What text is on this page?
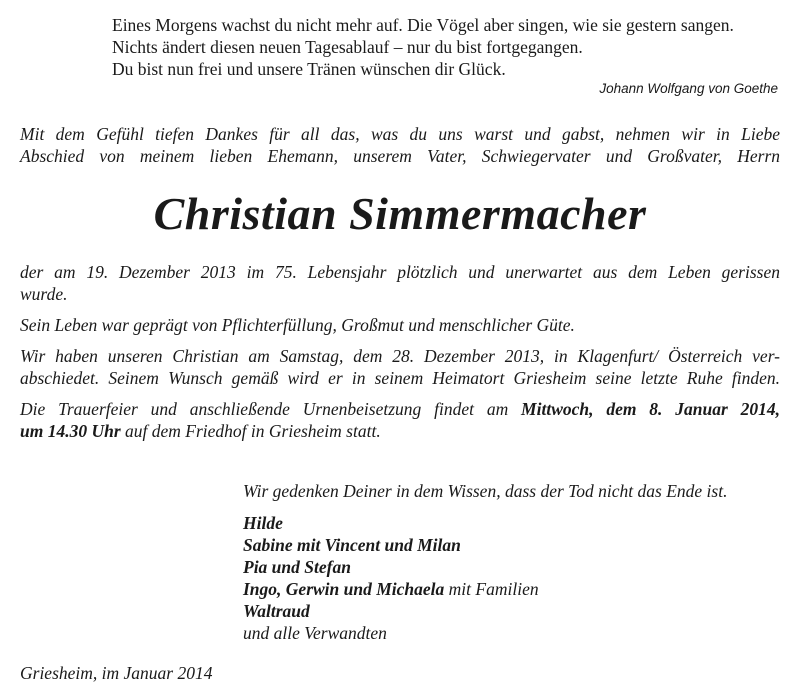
Eines Morgens wachst du nicht mehr auf. Die Vögel aber singen, wie sie gestern sangen.
Nichts ändert diesen neuen Tagesablauf – nur du bist fortgegangen.
Du bist nun frei und unsere Tränen wünschen dir Glück.
Johann Wolfgang von Goethe
Mit dem Gefühl tiefen Dankes für all das, was du uns warst und gabst, nehmen wir in Liebe
Abschied von meinem lieben Ehemann, unserem Vater, Schwiegervater und Großvater, Herrn
Christian Simmermacher
der am 19. Dezember 2013 im 75. Lebensjahr plötzlich und unerwartet aus dem Leben gerissen
wurde.
Sein Leben war geprägt von Pflichterfüllung, Großmut und menschlicher Güte.
Wir haben unseren Christian am Samstag, dem 28. Dezember 2013, in Klagenfurt/ Österreich ver-
abschiedet. Seinem Wunsch gemäß wird er in seinem Heimatort Griesheim seine letzte Ruhe finden.
Die Trauerfeier und anschließende Urnenbeisetzung findet am Mittwoch, dem 8. Januar 2014,
um 14.30 Uhr auf dem Friedhof in Griesheim statt.
Wir gedenken Deiner in dem Wissen, dass der Tod nicht das Ende ist.
Hilde
Sabine mit Vincent und Milan
Pia und Stefan
Ingo, Gerwin und Michaela mit Familien
Waltraud
und alle Verwandten
Griesheim, im Januar 2014
